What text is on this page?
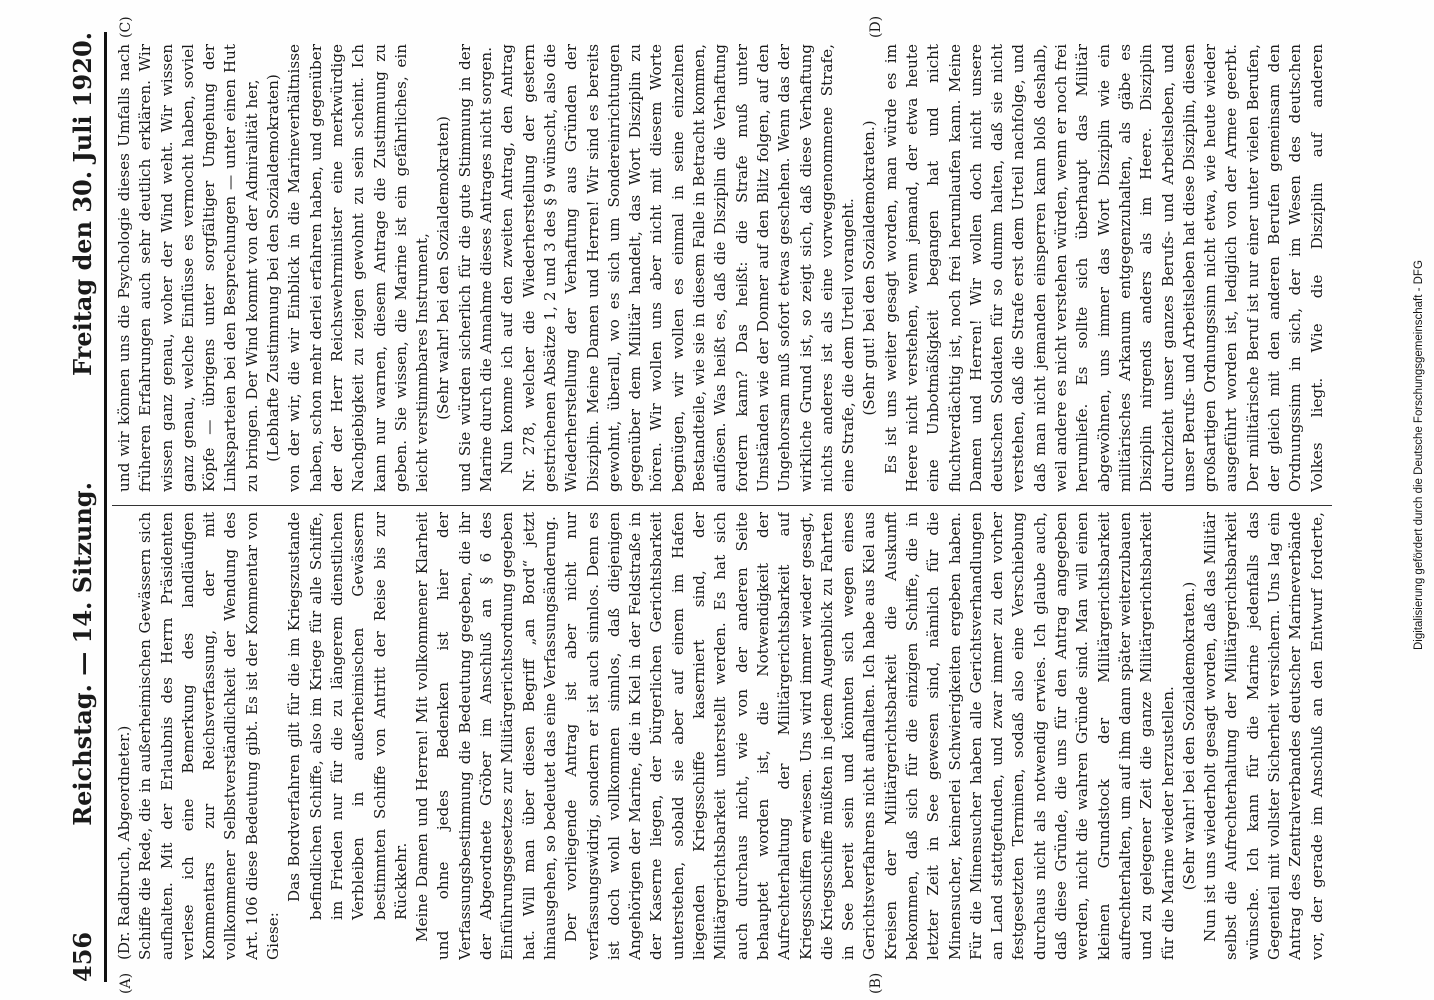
456
Reichstag. — 14. Sitzung.
Freitag den 30. Juli 1920.
(A)	(B)
(C)	(D)

(Dr. Radbruch, Abgeordneter.) Schiffe die Rede, die in außerheimischen Gewässern sich aufhalten. Mit der Erlaubnis des Herrn Präsidenten verlese ich eine Bemerkung des landläufigen Kommentars zur Reichsverfassung, der mit vollkommener Selbstverständlichkeit der Wendung des Art. 106 diese Bedeutung gibt. Es ist der Kommentar von Giese:

Das Bordverfahren gilt für die im Kriegszustande befindlichen Schiffe, also im Kriege für alle Schiffe, im Frieden nur für die zu längerem dienstlichen Verbleiben in außerheimischen Gewässern bestimmten Schiffe von Antritt der Reise bis zur Rückkehr. Meine Damen und Herren! Mit vollkommener Klarheit und ohne jedes Bedenken ist hier der Verfassungsbestimmung die Bedeutung gegeben, die ihr der Abgeordnete Gröber im Anschluß an § 6 des Einführungsgesetzes zur Militärgerichtsordnung gegeben hat. Will man über diesen Begriff „an Bord“ jetzt hinausgehen, so bedeutet das eine Verfassungsänderung. Der vorliegende Antrag ist aber nicht nur verfassungswidrig, sondern er ist auch sinnlos. Denn es ist doch wohl vollkommen sinnlos, daß diejenigen Angehörigen der Marine, die in Kiel in der Feldstraße in der Kaserne liegen, der bürgerlichen Gerichtsbarkeit unterstehen, sobald sie aber auf einem im Hafen liegenden Kriegsschiffe kaserniert sind, der Militärgerichtsbarkeit unterstellt werden. Es hat sich auch durchaus nicht, wie von der anderen Seite behauptet worden ist, die Notwendigkeit der Aufrechterhaltung der Militärgerichtsbarkeit auf Kriegsschiffen erwiesen. Uns wird immer wieder gesagt, die Kriegsschiffe müßten in jedem Augenblick zu Fahrten in See bereit sein und könnten sich wegen eines Gerichtsverfahrens nicht aufhalten. Ich habe aus Kiel aus Kreisen der Militärgerichtsbarkeit die Auskunft bekommen, daß sich für die einzigen Schiffe, die in letzter Zeit in See gewesen sind, nämlich für die Minensucher, keinerlei Schwierigkeiten ergeben haben. Für die Minensucher haben alle Gerichtsverhandlungen an Land stattgefunden, und zwar immer zu den vorher festgesetzten Terminen, sodaß also eine Verschiebung durchaus nicht als notwendig erwies. Ich glaube auch, daß diese Gründe, die uns für den Antrag angegeben werden, nicht die wahren Gründe sind. Man will einen kleinen Grundstock der Militärgerichtsbarkeit aufrechterhalten, um auf ihm dann später weiterzubauen und zu gelegener Zeit die ganze Militärgerichtsbarkeit für die Marine wieder herzustellen. (Sehr wahr! bei den Sozialdemokraten.)

Nun ist uns wiederholt gesagt worden, daß das Militär selbst die Aufrechterhaltung der Militärgerichtsbarkeit wünsche. Ich kann für die Marine jedenfalls das Gegenteil mit vollster Sicherheit versichern. Uns lag ein Antrag des Zentralverbandes deutscher Marineverbände vor, der gerade im Anschluß an den Entwurf forderte,

und wir können uns die Psychologie dieses Umfalls nach früheren Erfahrungen auch sehr deutlich erklären. Wir wissen ganz genau, woher der Wind weht. Wir wissen ganz genau, welche Einflüsse es vermocht haben, soviel Köpfe — übrigens unter sorgfältiger Umgehung der Linksparteien bei den Besprechungen — unter einen Hut zu bringen. Der Wind kommt von der Admiralität her, (Lebhafte Zustimmung bei den Sozialdemokraten) von der wir, die wir Einblick in die Marineverhältnisse haben, schon mehr derlei erfahren haben, und gegenüber der der Herr Reichswehrminister eine merkwürdige Nachgiebigkeit zu zeigen gewohnt zu sein scheint. Ich kann nur warnen, diesem Antrage die Zustimmung zu geben. Sie wissen, die Marine ist ein gefährliches, ein leicht verstimmbares Instrument, (Sehr wahr! bei den Sozialdemokraten) und Sie würden sicherlich für die gute Stimmung in der Marine durch die Annahme dieses Antrages nicht sorgen. Nun komme ich auf den zweiten Antrag, den Antrag Nr. 278, welcher die Wiederherstellung der gestern gestrichenen Absätze 1, 2 und 3 des § 9 wünscht, also die Wiederherstellung der Verhaftung aus Gründen der Disziplin. Meine Damen und Herren! Wir sind es bereits gewohnt, überall, wo es sich um Sondereinrichtungen gegenüber dem Militär handelt, das Wort Disziplin zu hören. Wir wollen uns aber nicht mit diesem Worte begnügen, wir wollen es einmal in seine einzelnen Bestandteile, wie sie in diesem Falle in Betracht kommen, auflösen. Was heißt es, daß die Disziplin die Verhaftung fordern kann? Das heißt: die Strafe muß unter Umständen wie der Donner auf den Blitz folgen, auf den Ungehorsam muß sofort etwas geschehen. Wenn das der wirkliche Grund ist, so zeigt sich, daß diese Verhaftung nichts anderes ist als eine vorweggenommene Strafe, eine Strafe, die dem Urteil vorangeht. (Sehr gut! bei den Sozialdemokraten.)

Es ist uns weiter gesagt worden, man würde es im Heere nicht verstehen, wenn jemand, der etwa heute eine Unbotmäßigkeit begangen hat und nicht fluchtverdächtig ist, noch frei herumlaufen kann. Meine Damen und Herren! Wir wollen doch nicht unsere deutschen Soldaten für so dumm halten, daß sie nicht verstehen, daß die Strafe erst dem Urteil nachfolge, und daß man nicht jemanden einsperren kann bloß deshalb, weil andere es nicht verstehen würden, wenn er noch frei herumliefe. Es sollte sich überhaupt das Militär abgewöhnen, uns immer das Wort Disziplin wie ein militärisches Arkanum entgegenzuhalten, als gäbe es Disziplin nirgends anders als im Heere. Disziplin durchzieht unser ganzes Berufs- und Arbeitsleben, und unser Berufs- und Arbeitsleben hat diese Disziplin, diesen großartigen Ordnungssinn nicht etwa, wie heute wieder ausgeführt worden ist, lediglich von der Armee geerbt. Der militärische Beruf ist nur einer unter vielen Berufen, der gleich mit den anderen Berufen gemeinsam den Ordnungssinn in sich, der im Wesen des deutschen Volkes liegt. Wie die Disziplin auf anderen

Digitalisierung gefördert durch die Deutsche Forschungsgemeinschaft - DFG
